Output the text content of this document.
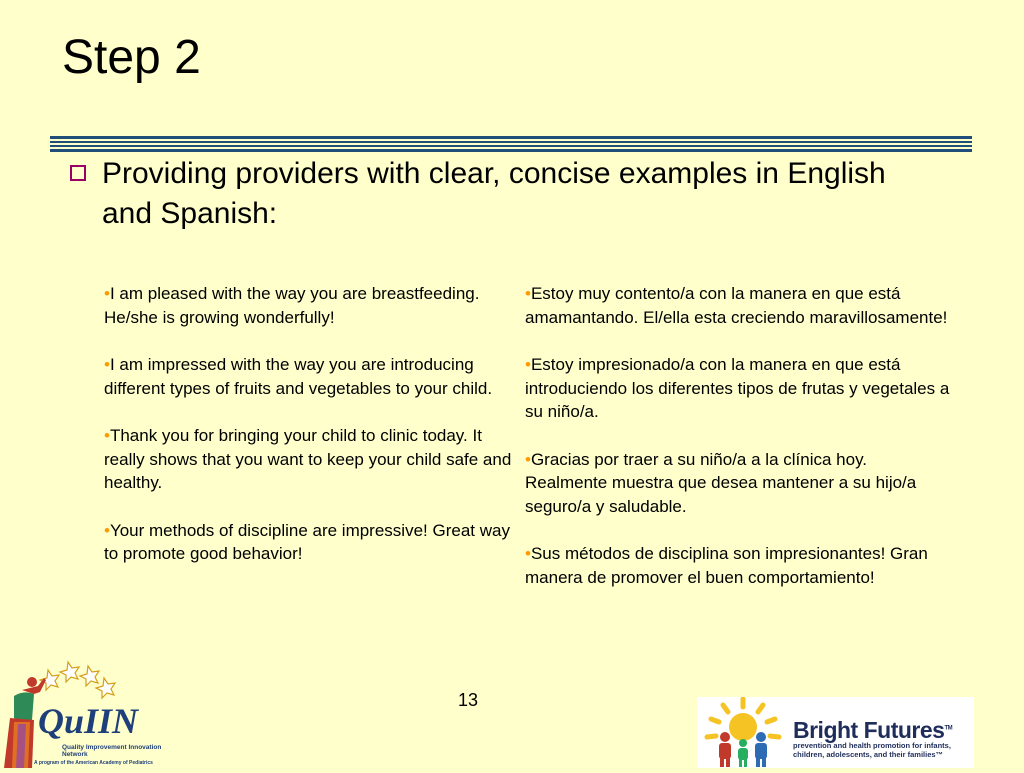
Step 2
Providing providers with clear, concise examples in English and Spanish:
•I am pleased with the way you are breastfeeding. He/she is growing wonderfully!
•I am impressed with the way you are introducing different types of fruits and vegetables to your child.
•Thank you for bringing your child to clinic today. It really shows that you want to keep your child safe and healthy.
•Your methods of discipline are impressive! Great way to promote good behavior!
•Estoy muy contento/a con la manera en que está amamantando. El/ella esta creciendo maravillosamente!
•Estoy impresionado/a con la manera en que está introduciendo los diferentes tipos de frutas y vegetales a su niño/a.
•Gracias por traer a su niño/a a la clínica hoy. Realmente muestra que desea mantener a su hijo/a seguro/a y saludable.
•Sus métodos de disciplina son impresionantes! Gran manera de promover el buen comportamiento!
13
QuIIN
Quality Improvement Innovation Network
A program of the American Academy of Pediatrics
Bright Futures™
prevention and health promotion for infants, children, adolescents, and their families™
